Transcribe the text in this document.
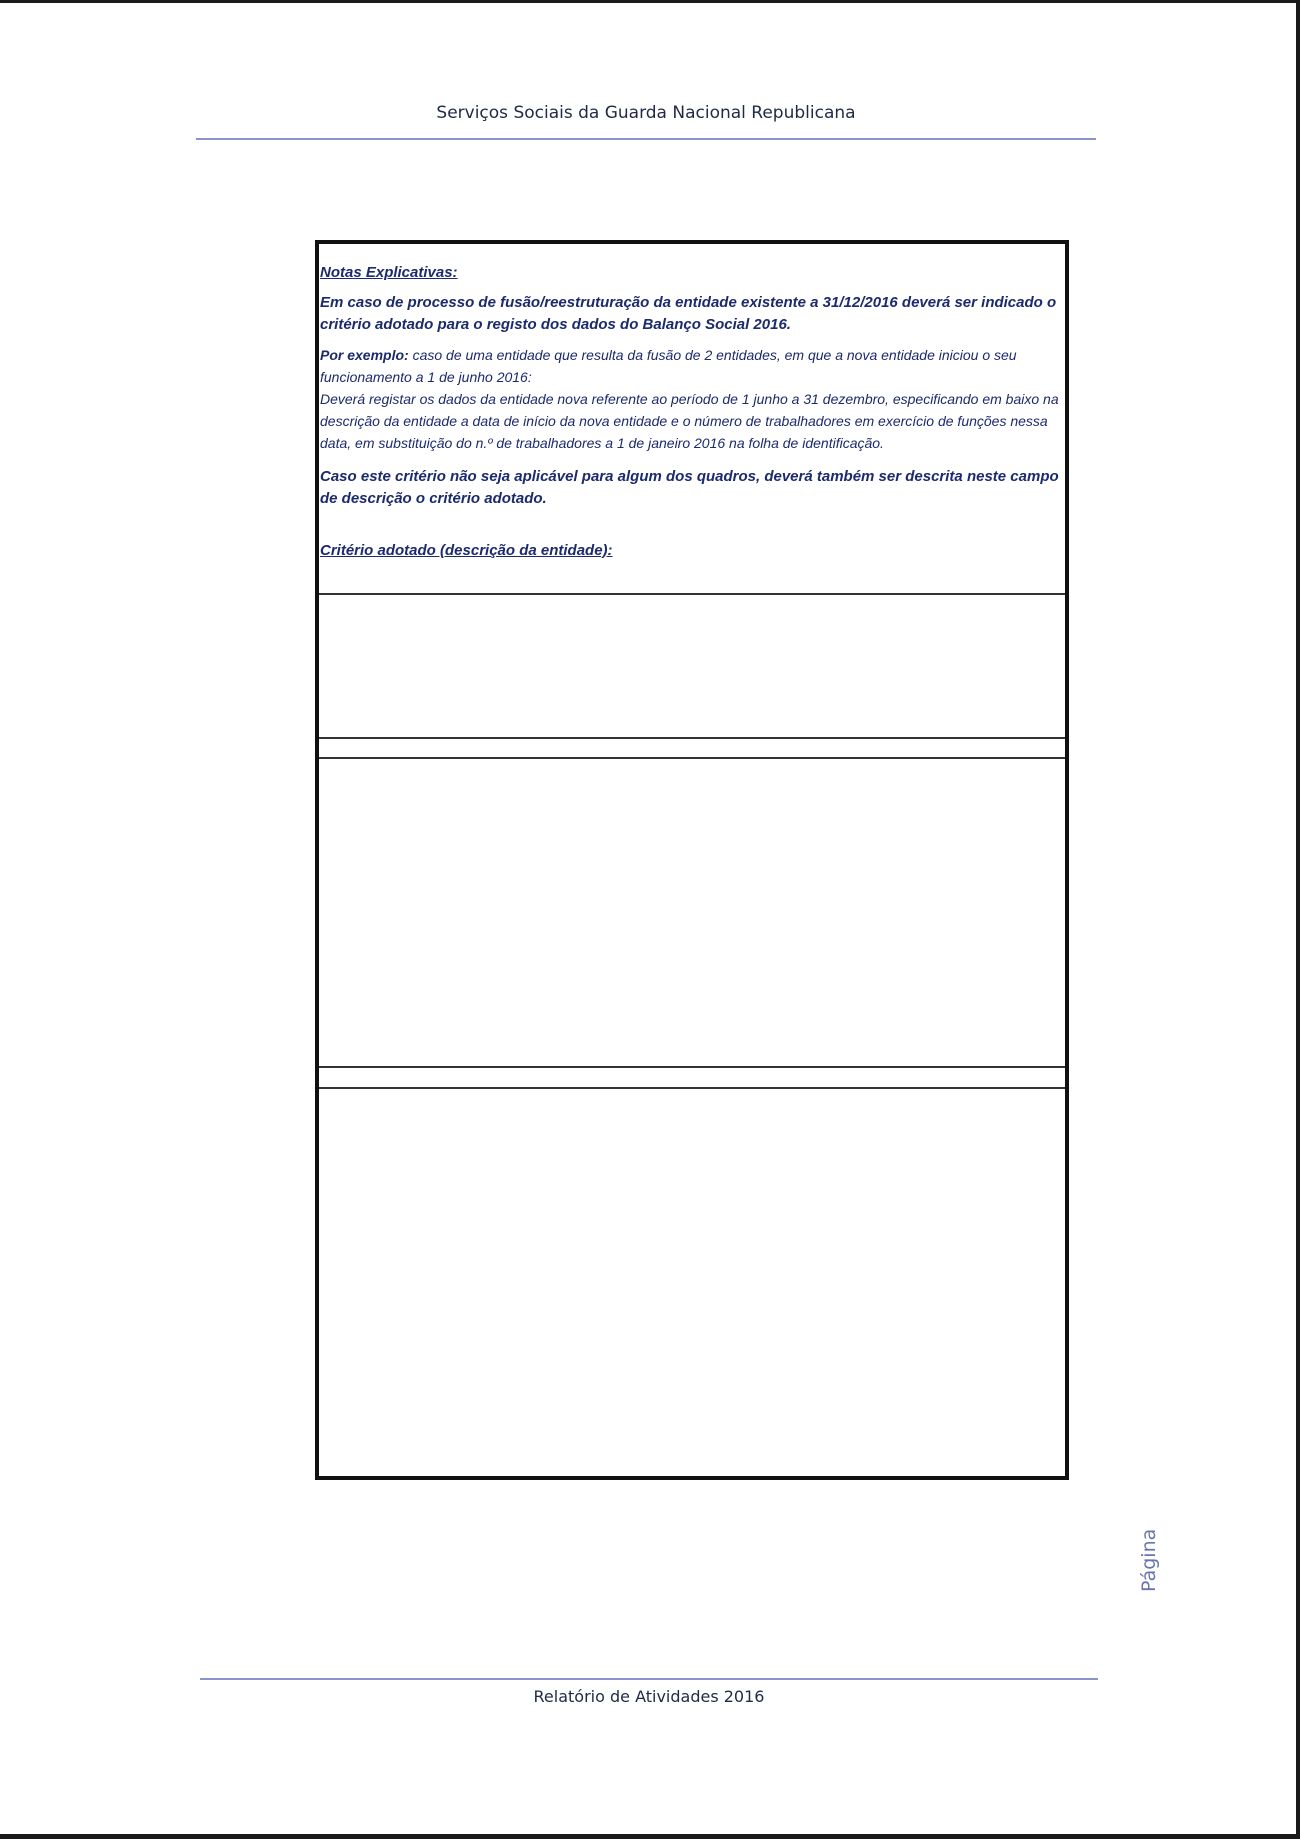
Serviços Sociais da Guarda Nacional Republicana

Notas Explicativas:

Em caso de processo de fusão/reestruturação da entidade existente a 31/12/2016 deverá ser indicado o critério adotado para o registo dos dados do Balanço Social 2016.

Por exemplo: caso de uma entidade que resulta da fusão de 2 entidades, em que a nova entidade iniciou o seu funcionamento a 1 de junho 2016:

Deverá registar os dados da entidade nova referente ao período de 1 junho a 31 dezembro, especificando em baixo na descrição da entidade a data de início da nova entidade e o número de trabalhadores em exercício de funções nessa data, em substituição do n.º de trabalhadores a 1 de janeiro 2016 na folha de identificação.

Caso este critério não seja aplicável para algum dos quadros, deverá também ser descrita neste campo de descrição o critério adotado.

Critério adotado (descrição da entidade):

Relatório de Atividades 2016
Página
